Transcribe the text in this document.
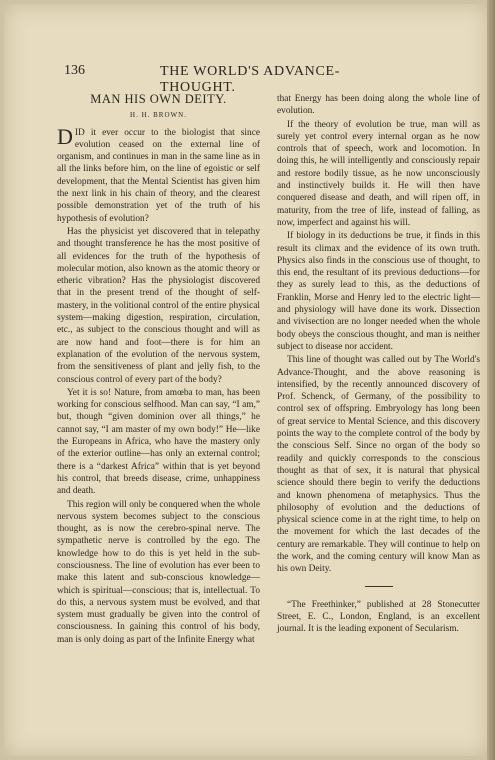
136	THE WORLD'S ADVANCE-THOUGHT.
MAN HIS OWN DEITY.
H. H. BROWN.

DID it ever occur to the biologist that since evolution ceased on the external line of organism, and continues in man in the same line as in all the links before him, on the line of egoistic or self development, that the Mental Scientist has given him the next link in his chain of theory, and the clearest possible demonstration yet of the truth of his hypothesis of evolution?

Has the physicist yet discovered that in telepathy and thought transference he has the most positive of all evidences for the truth of the hypothesis of molecular motion, also known as the atomic theory or etheric vibration? Has the physiologist discovered that in the present trend of the thought of self-mastery, in the volitional control of the entire physical system—making digestion, respiration, circulation, etc., as subject to the conscious thought and will as are now hand and foot—there is for him an explanation of the evolution of the nervous system, from the sensitiveness of plant and jelly fish, to the conscious control of every part of the body?

Yet it is so! Nature, from amœba to man, has been working for conscious selfhood. Man can say, “I am,” but, though “given dominion over all things,” he cannot say, “I am master of my own body!” He—like the Europeans in Africa, who have the mastery only of the exterior outline—has only an external control; there is a “darkest Africa” within that is yet beyond his control, that breeds disease, crime, unhappiness and death.

This region will only be conquered when the whole nervous system becomes subject to the conscious thought, as is now the cerebro-spinal nerve. The sympathetic nerve is controlled by the ego. The knowledge how to do this is yet held in the sub-consciousness. The line of evolution has ever been to make this latent and sub-conscious knowledge—which is spiritual—conscious; that is, intellectual. To do this, a nervous system must be evolved, and that system must gradually be given into the control of consciousness. In gaining this control of his body, man is only doing as part of the Infinite Energy what

that Energy has been doing along the whole line of evolution.

If the theory of evolution be true, man will as surely yet control every internal organ as he now controls that of speech, work and locomotion. In doing this, he will intelligently and consciously repair and restore bodily tissue, as he now unconsciously and instinctively builds it. He will then have conquered disease and death, and will ripen off, in maturity, from the tree of life, instead of falling, as now, imperfect and against his will.

If biology in its deductions be true, it finds in this result its climax and the evidence of its own truth. Physics also finds in the conscious use of thought, to this end, the resultant of its previous deductions—for they as surely lead to this, as the deductions of Franklin, Morse and Henry led to the electric light—and physiology will have done its work. Dissection and vivisection are no longer needed when the whole body obeys the conscious thought, and man is neither subject to disease nor accident.

This line of thought was called out by The World's Advance-Thought, and the above reasoning is intensified, by the recently announced discovery of Prof. Schenck, of Germany, of the possibility to control sex of offspring. Embryology has long been of great service to Mental Science, and this discovery points the way to the complete control of the body by the conscious Self. Since no organ of the body so readily and quickly corresponds to the conscious thought as that of sex, it is natural that physical science should there begin to verify the deductions and known phenomena of metaphysics. Thus the philosophy of evolution and the deductions of physical science come in at the right time, to help on the movement for which the last decades of the century are remarkable. They will continue to help on the work, and the coming century will know Man as his own Deity.

“The Freethinker,” published at 28 Stonecutter Street, E. C., London, England, is an excellent journal. It is the leading exponent of Secularism.
